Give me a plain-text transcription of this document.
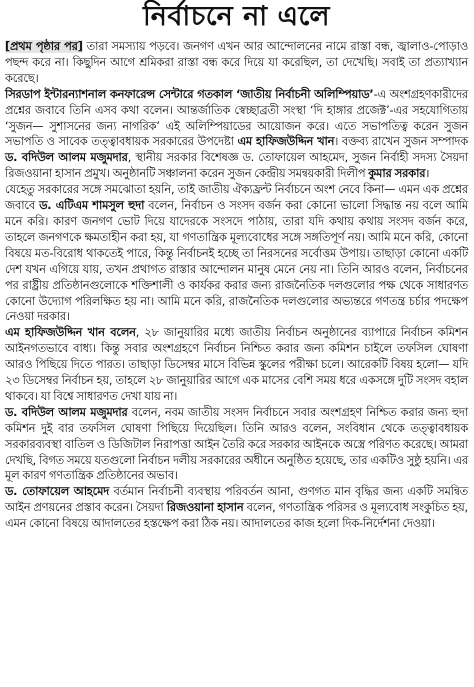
নির্বাচনে না এলে

[প্রথম পৃষ্ঠার পর] তারা সমস্যায় পড়বে। জনগণ এখন আর আন্দোলনের নামে রাস্তা বন্ধ, জ্বালাও-পোড়াও পছন্দ করে না। কিছুদিন আগে শ্রমিকরা রাস্তা বন্ধ করে দিয়ে যা করেছিল, তা দেখেছি। সবাই তা প্রত্যাখ্যান করেছে।

সিরডাপ ইন্টারন্যাশনাল কনফারেন্স সেন্টারে গতকাল ‘জাতীয় নির্বাচনী অলিম্পিয়াড’-এ অংশগ্রহণকারীদের প্রশ্নের জবাবে তিনি এসব কথা বলেন। আন্তর্জাতিক স্বেচ্ছাব্রতী সংস্থা ‘দি হাঙ্গার প্রজেক্ট’-এর সহযোগিতায় ‘সুজন— সুশাসনের জন্য নাগরিক’ এই অলিম্পিয়াডের আয়োজন করে। এতে সভাপতিত্ব করেন সুজন সভাপতি ও সাবেক তত্ত্বাবধায়ক সরকারের উপদেষ্টা এম হাফিজউদ্দিন খান। বক্তব্য রাখেন সুজন সম্পাদক ড. বদিউল আলম মজুমদার, স্থানীয় সরকার বিশেষজ্ঞ ড. তোফায়েল আহমেদ, সুজন নির্বাহী সদস্য সৈয়দা রিজওয়ানা হাসান প্রমুখ। অনুষ্ঠানটি সঞ্চালনা করেন সুজন কেন্দ্রীয় সমন্বয়কারী দিলীপ কুমার সরকার।

যেহেতু সরকারের সঙ্গে সমঝোতা হয়নি, তাই জাতীয় ঐক্যফ্রন্ট নির্বাচনে অংশ নেবে কিনা— এমন এক প্রশ্নের জবাবে ড. এটিএম শামসুল হুদা বলেন, নির্বাচন ও সংসদ বর্জন করা কোনো ভালো সিদ্ধান্ত নয় বলে আমি মনে করি। কারণ জনগণ ভোট দিয়ে যাদেরকে সংসদে পাঠায়, তারা যদি কথায় কথায় সংসদ বর্জন করে, তাহলে জনগণকে ক্ষমতাহীন করা হয়, যা গণতান্ত্রিক মূল্যবোধের সঙ্গে সঙ্গতিপূর্ণ নয়। আমি মনে করি, কোনো বিষয়ে মত-বিরোধ থাকতেই পারে, কিন্তু নির্বাচনই হচ্ছে তা নিরসনের সর্বোত্তম উপায়। তাছাড়া কোনো একটি দেশ যখন এগিয়ে যায়, তখন প্রথাগত রাস্তার আন্দোলন মানুষ মেনে নেয় না। তিনি আরও বলেন, নির্বাচনের পর রাষ্ট্রীয় প্রতিষ্ঠানগুলোকে শক্তিশালী ও কার্যকর করার জন্য রাজনৈতিক দলগুলোর পক্ষ থেকে সাধারণত কোনো উদ্যোগ পরিলক্ষিত হয় না। আমি মনে করি, রাজনৈতিক দলগুলোর অভ্যন্তরে গণতন্ত্র চর্চার পদক্ষেপ নেওয়া দরকার।

এম হাফিজউদ্দিন খান বলেন, ২৮ জানুয়ারির মধ্যে জাতীয় নির্বাচন অনুষ্ঠানের ব্যাপারে নির্বাচন কমিশন আইনগতভাবে বাধ্য। কিন্তু সবার অংশগ্রহণে নির্বাচন নিশ্চিত করার জন্য কমিশন চাইলে তফসিল ঘোষণা আরও পিছিয়ে দিতে পারত। তাছাড়া ডিসেম্বর মাসে বিভিন্ন স্কুলের পরীক্ষা চলে। আরেকটি বিষয় হলো— যদি ২৩ ডিসেম্বর নির্বাচন হয়, তাহলে ২৮ জানুয়ারির আগে এক মাসের বেশি সময় ধরে একসঙ্গে দুটি সংসদ বহাল থাকবে। যা বিশ্বে সাধারণত দেখা যায় না।

ড. বদিউল আলম মজুমদার বলেন, নবম জাতীয় সংসদ নির্বাচনে সবার অংশগ্রহণ নিশ্চিত করার জন্য হুদা কমিশন দুই বার তফসিল ঘোষণা পিছিয়ে দিয়েছিল। তিনি আরও বলেন, সংবিধান থেকে তত্ত্বাবধায়ক সরকারব্যবস্থা বাতিল ও ডিজিটাল নিরাপত্তা আইন তৈরি করে সরকার আইনকে অস্ত্রে পরিণত করেছে। আমরা দেখছি, বিগত সময়ে যতগুলো নির্বাচন দলীয় সরকারের অধীনে অনুষ্ঠিত হয়েছে, তার একটিও সুষ্ঠু হয়নি। এর মূল কারণ গণতান্ত্রিক প্রতিষ্ঠানের অভাব।

ড. তোফায়েল আহমেদ বর্তমান নির্বাচনী ব্যবস্থায় পরিবর্তন আনা, গুণগত মান বৃদ্ধির জন্য একটি সমন্বিত আইন প্রণয়নের প্রস্তাব করেন। সৈয়দা রিজওয়ানা হাসান বলেন, গণতান্ত্রিক পরিসর ও মূল্যবোধ সংকুচিত হয়, এমন কোনো বিষয়ে আদালতের হস্তক্ষেপ করা ঠিক নয়। আদালতের কাজ হলো দিক-নির্দেশনা দেওয়া।
